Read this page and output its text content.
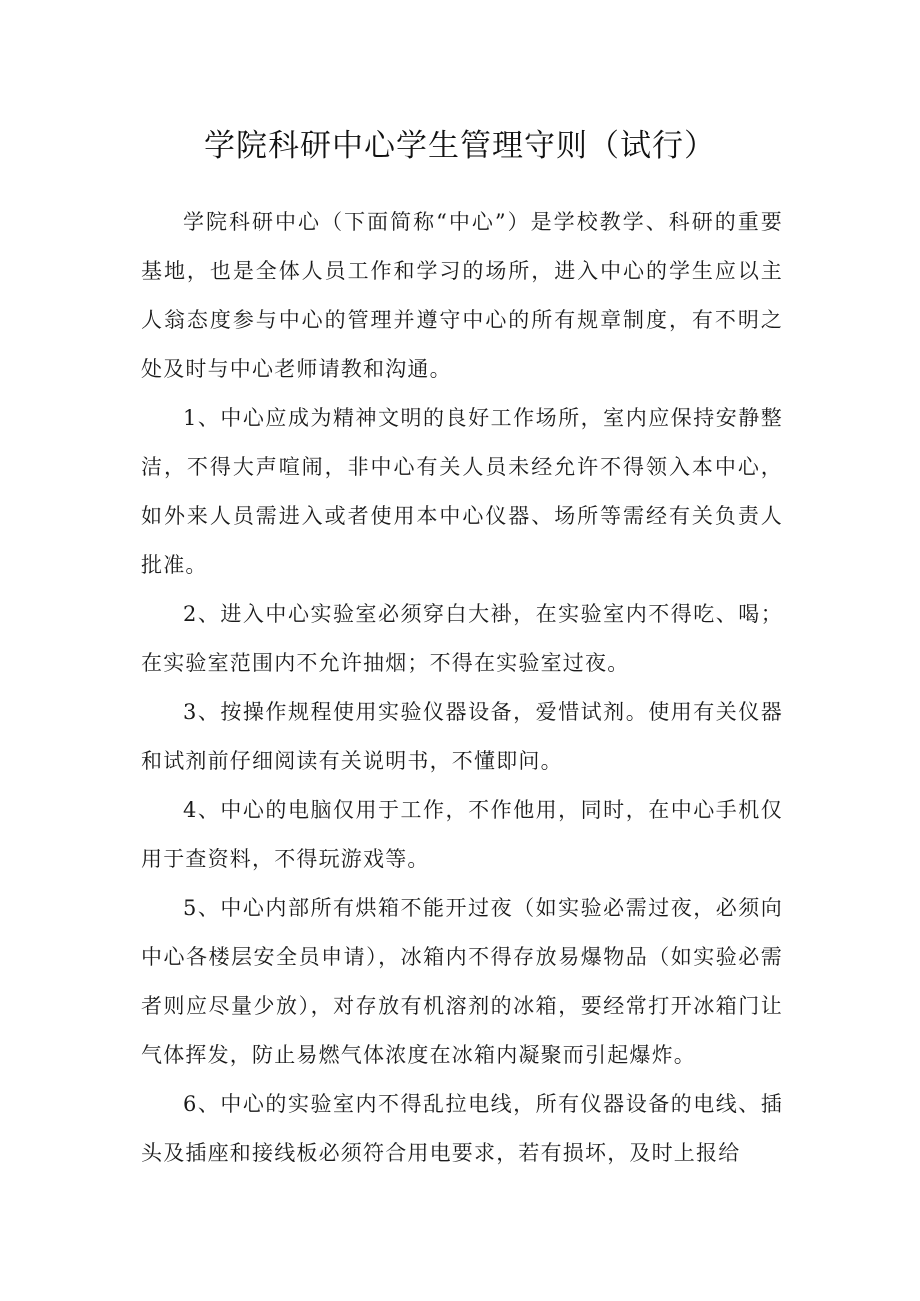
学院科研中心学生管理守则（试行）

学院科研中心（下面简称“中心”）是学校教学、科研的重要基地，也是全体人员工作和学习的场所，进入中心的学生应以主人翁态度参与中心的管理并遵守中心的所有规章制度，有不明之处及时与中心老师请教和沟通。

1、中心应成为精神文明的良好工作场所，室内应保持安静整洁，不得大声喧闹，非中心有关人员未经允许不得领入本中心，如外来人员需进入或者使用本中心仪器、场所等需经有关负责人批准。

2、进入中心实验室必须穿白大褂，在实验室内不得吃、喝；在实验室范围内不允许抽烟；不得在实验室过夜。

3、按操作规程使用实验仪器设备，爱惜试剂。使用有关仪器和试剂前仔细阅读有关说明书，不懂即问。

4、中心的电脑仅用于工作，不作他用，同时，在中心手机仅用于查资料，不得玩游戏等。

5、中心内部所有烘箱不能开过夜（如实验必需过夜，必须向中心各楼层安全员申请），冰箱内不得存放易爆物品（如实验必需者则应尽量少放），对存放有机溶剂的冰箱，要经常打开冰箱门让气体挥发，防止易燃气体浓度在冰箱内凝聚而引起爆炸。

6、中心的实验室内不得乱拉电线，所有仪器设备的电线、插头及插座和接线板必须符合用电要求，若有损坏，及时上报给
